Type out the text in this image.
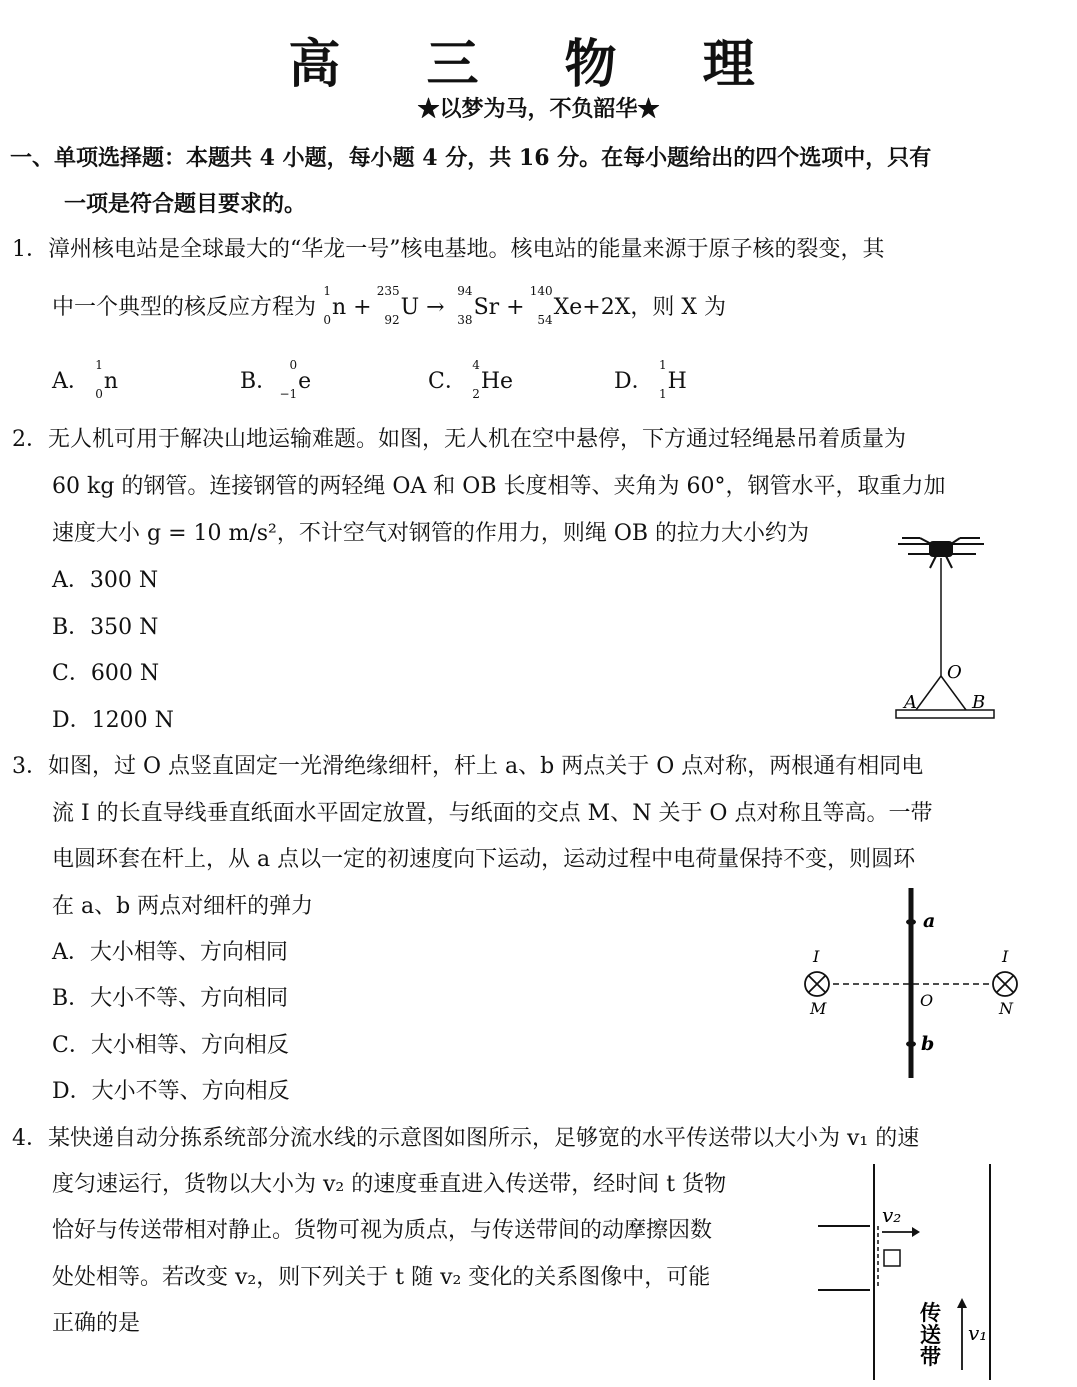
高 三 物 理
★以梦为马，不负韶华★
一、单项选择题：本题共 4 小题，每小题 4 分，共 16 分。在每小题给出的四个选项中，只有
一项是符合题目要求的。
1．漳州核电站是全球最大的“华龙一号”核电基地。核电站的能量来源于原子核的裂变，其
中一个典型的核反应方程为
1
0 n +
235
92 U →
94
38 Sr +
140
54 Xe+2X，则 X 为
A．
1
0 n	B．
0
−1 e	C．
4
2 He	D．
1
1 H
2．无人机可用于解决山地运输难题。如图，无人机在空中悬停，下方通过轻绳悬吊着质量为
60 kg 的钢管。连接钢管的两轻绳 OA 和 OB 长度相等、夹角为 60°，钢管水平，取重力加
速度大小 g = 10 m/s²，不计空气对钢管的作用力，则绳 OB 的拉力大小约为
A．300 N
B．350 N
C．600 N
D．1200 N
O
A	B
3．如图，过 O 点竖直固定一光滑绝缘细杆，杆上 a、b 两点关于 O 点对称，两根通有相同电
流 I 的长直导线垂直纸面水平固定放置，与纸面的交点 M、N 关于 O 点对称且等高。一带
电圆环套在杆上，从 a 点以一定的初速度向下运动，运动过程中电荷量保持不变，则圆环
在 a、b 两点对细杆的弹力
A．大小相等、方向相同
B．大小不等、方向相同
C．大小相等、方向相反
D．大小不等、方向相反
a
b
O
M	N
I	I
4．某快递自动分拣系统部分流水线的示意图如图所示，足够宽的水平传送带以大小为 v₁ 的速
度匀速运行，货物以大小为 v₂ 的速度垂直进入传送带，经时间 t 货物
恰好与传送带相对静止。货物可视为质点，与传送带间的动摩擦因数
处处相等。若改变 v₂，则下列关于 t 随 v₂ 变化的关系图像中，可能
正确的是
v₂
v₁
传
送
带
